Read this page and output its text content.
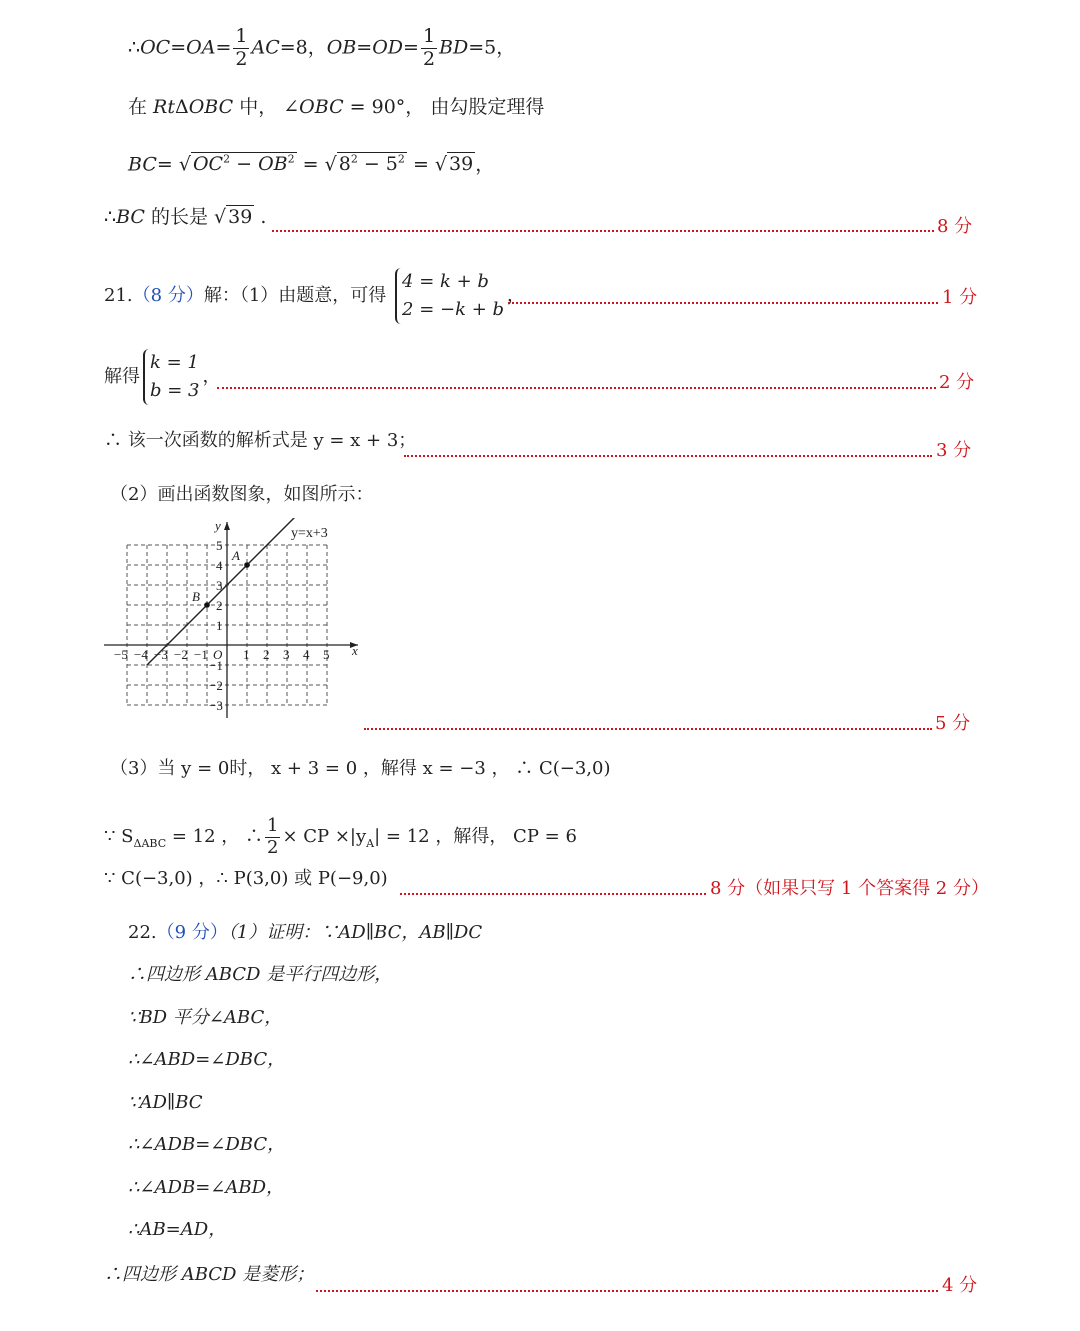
∴OC=OA= $\frac{1}{2} AC=8$，$OB=OD= \frac{1}{2} BD=5$，
在 RtΔOBC 中， ∠OBC = 90°， 由勾股定理得
BC= √ $OC^2 - OB^2$ = √ $8^2 - 5^2$ = √ 39 ，
∴BC 的长是 √ 39 .	8 分
21.（8 分）解：（1）由题意，可得
4 = k + b
2 = −k + b
，	1 分
解得
k = 1
b = 3
，	2 分
∴ 该一次函数的解析式是 y = x + 3；	3 分
（2）画出函数图象，如图所示：
A
B
y=x+3
x
y
O
−5 −4 −3 −2 −1	1 2 3 4 5
5
4
3
2
1
−1
−2
−3
5 分
（3）当 y = 0时， x + 3 = 0 ，解得 x = −3 ， ∴ C(−3,0)
∵ $S_{\Delta ABC} = 12$ ， ∴ $\frac{1}{2}$ × CP $\times|y_A| = 12$ ，解得， CP = 6
∵ C(−3,0) ，∴ P(3,0) 或 P(−9,0)	8 分（如果只写 1 个答案得 2 分）
22.（9 分）（1）证明：∵AD∥BC，AB∥DC
∴四边形 ABCD 是平行四边形，
∵BD 平分∠ABC，
∴∠ABD=∠DBC，
∵AD∥BC
∴∠ADB=∠DBC，
∴∠ADB=∠ABD，
∴AB=AD，
∴四边形 ABCD 是菱形；
4 分
